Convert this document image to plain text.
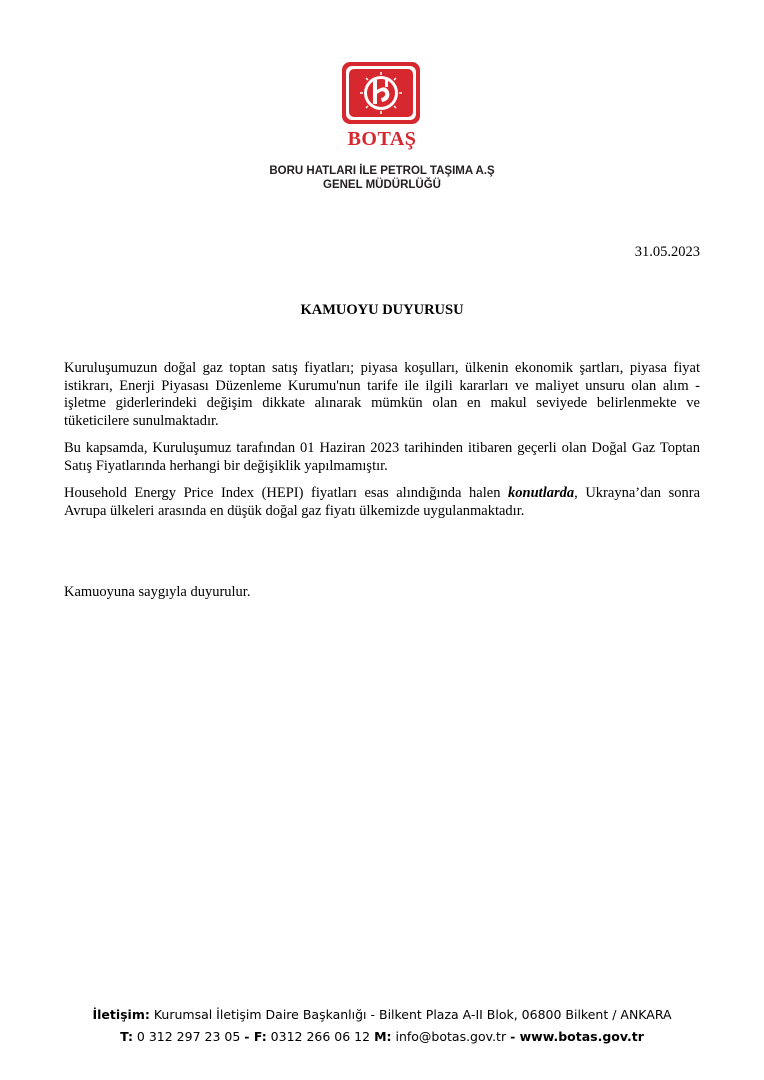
BOTAŞ
BORU HATLARI İLE PETROL TAŞIMA A.Ş
GENEL MÜDÜRLÜĞÜ
31.05.2023
KAMUOYU DUYURUSU

Kuruluşumuzun doğal gaz toptan satış fiyatları; piyasa koşulları, ülkenin ekonomik şartları, piyasa fiyat istikrarı, Enerji Piyasası Düzenleme Kurumu'nun tarife ile ilgili kararları ve maliyet unsuru olan alım - işletme giderlerindeki değişim dikkate alınarak mümkün olan en makul seviyede belirlenmekte ve tüketicilere sunulmaktadır.

Bu kapsamda, Kuruluşumuz tarafından 01 Haziran 2023 tarihinden itibaren geçerli olan Doğal Gaz Toptan Satış Fiyatlarında herhangi bir değişiklik yapılmamıştır.

Household Energy Price Index (HEPI) fiyatları esas alındığında halen konutlarda, Ukrayna’dan sonra Avrupa ülkeleri arasında en düşük doğal gaz fiyatı ülkemizde uygulanmaktadır.

Kamuoyuna saygıyla duyurulur.
İletişim: Kurumsal İletişim Daire Başkanlığı - Bilkent Plaza A-II Blok, 06800 Bilkent / ANKARA
T: 0 312 297 23 05 - F: 0312 266 06 12 M: info@botas.gov.tr - www.botas.gov.tr
